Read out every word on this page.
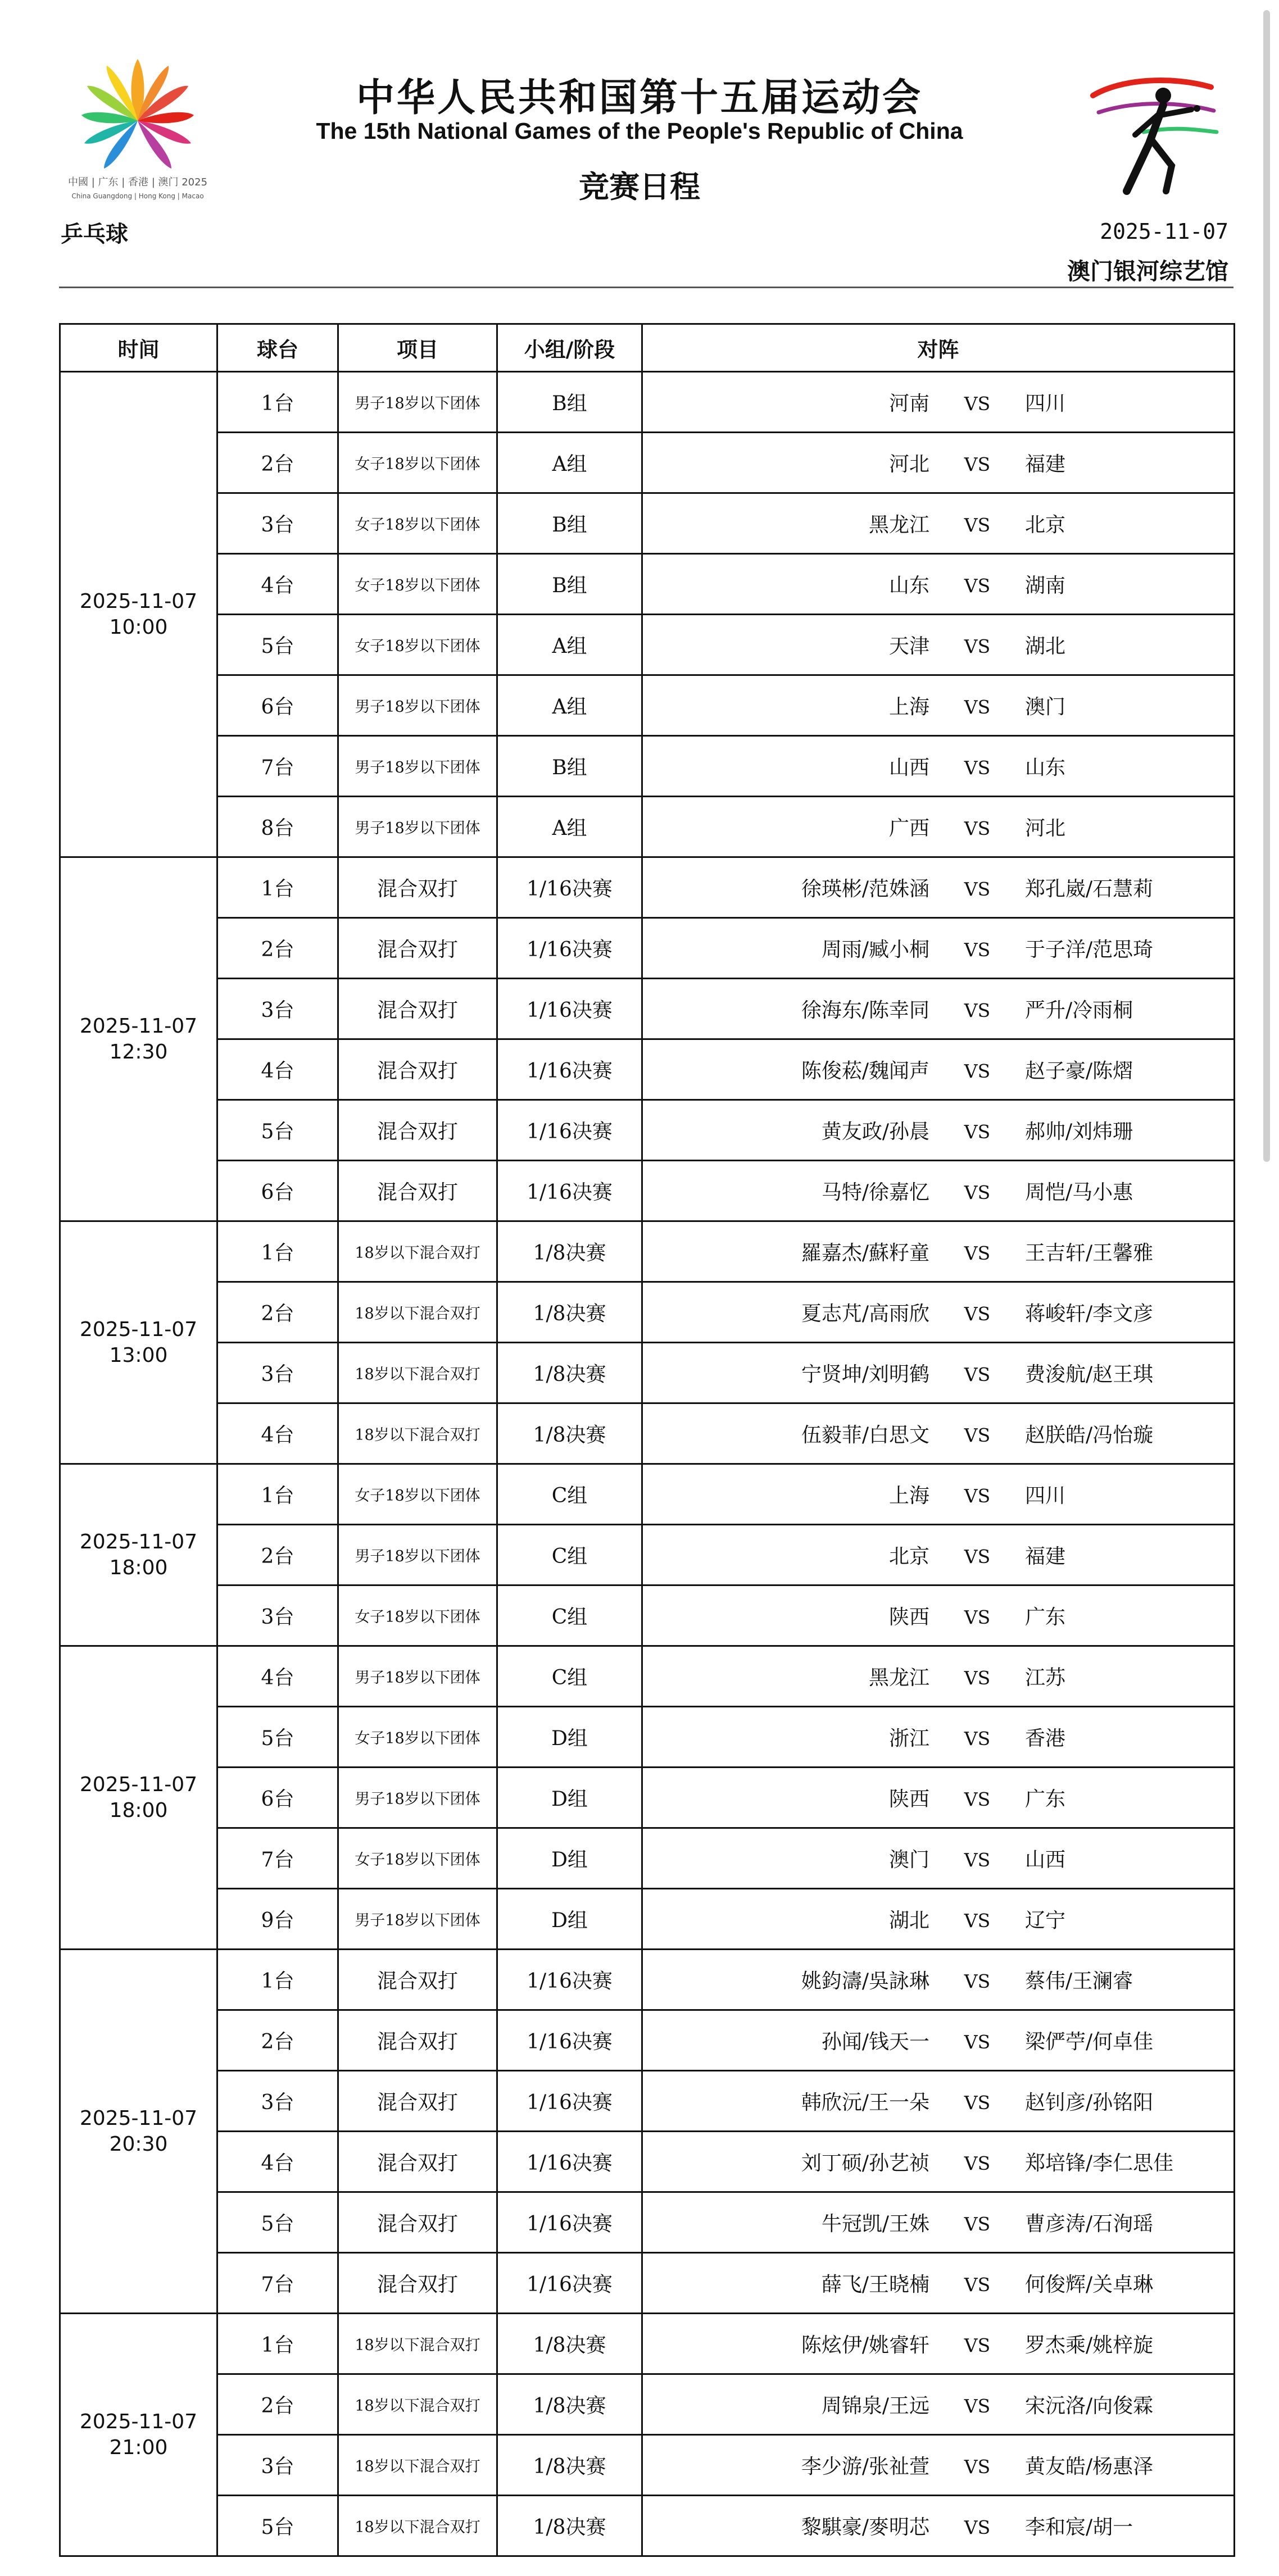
中國 | 广东 | 香港 | 澳门 2025
China Guangdong | Hong Kong | Macao
中华人民共和国第十五届运动会
The 15th National Games of the People's Republic of China
竞赛日程
乒乓球	2025-11-07
澳门银河综艺馆
时间	球台	项目	小组/阶段	对阵

2025-11-07
10:00	1台	男子18岁以下团体	B组	河南 VS 四川
	2台	女子18岁以下团体	A组	河北 VS 福建
	3台	女子18岁以下团体	B组	黑龙江 VS 北京
	4台	女子18岁以下团体	B组	山东 VS 湖南
	5台	女子18岁以下团体	A组	天津 VS 湖北
	6台	男子18岁以下团体	A组	上海 VS 澳门
	7台	男子18岁以下团体	B组	山西 VS 山东
	8台	男子18岁以下团体	A组	广西 VS 河北

2025-11-07
12:30	1台	混合双打	1/16决赛	徐瑛彬/范姝涵 VS 郑孔崴/石慧莉
	2台	混合双打	1/16决赛	周雨/臧小桐 VS 于子洋/范思琦
	3台	混合双打	1/16决赛	徐海东/陈幸同 VS 严升/冷雨桐
	4台	混合双打	1/16决赛	陈俊菘/魏闻声 VS 赵子豪/陈熠
	5台	混合双打	1/16决赛	黄友政/孙晨 VS 郝帅/刘炜珊
	6台	混合双打	1/16决赛	马特/徐嘉忆 VS 周恺/马小惠

2025-11-07
13:00	1台	18岁以下混合双打	1/8决赛	羅嘉杰/蘇籽童 VS 王吉轩/王馨雅
	2台	18岁以下混合双打	1/8决赛	夏志芃/高雨欣 VS 蒋峻轩/李文彦
	3台	18岁以下混合双打	1/8决赛	宁贤坤/刘明鹤 VS 费浚航/赵王琪
	4台	18岁以下混合双打	1/8决赛	伍毅菲/白思文 VS 赵朕皓/冯怡璇

2025-11-07
18:00	1台	女子18岁以下团体	C组	上海 VS 四川
	2台	男子18岁以下团体	C组	北京 VS 福建
	3台	女子18岁以下团体	C组	陕西 VS 广东

2025-11-07
18:00	4台	男子18岁以下团体	C组	黑龙江 VS 江苏
	5台	女子18岁以下团体	D组	浙江 VS 香港
	6台	男子18岁以下团体	D组	陕西 VS 广东
	7台	女子18岁以下团体	D组	澳门 VS 山西
	9台	男子18岁以下团体	D组	湖北 VS 辽宁

2025-11-07
20:30	1台	混合双打	1/16决赛	姚鈞濤/吳詠琳 VS 蔡伟/王澜睿
	2台	混合双打	1/16决赛	孙闻/钱天一 VS 梁俨苧/何卓佳
	3台	混合双打	1/16决赛	韩欣沅/王一朵 VS 赵钊彦/孙铭阳
	4台	混合双打	1/16决赛	刘丁硕/孙艺祯 VS 郑培锋/李仁思佳
	5台	混合双打	1/16决赛	牛冠凯/王姝 VS 曹彦涛/石洵瑶
	7台	混合双打	1/16决赛	薛飞/王晓楠 VS 何俊辉/关卓琳

2025-11-07
21:00	1台	18岁以下混合双打	1/8决赛	陈炫伊/姚睿轩 VS 罗杰乘/姚梓旋
	2台	18岁以下混合双打	1/8决赛	周锦泉/王远 VS 宋沅洛/向俊霖
	3台	18岁以下混合双打	1/8决赛	李少游/张祉萱 VS 黄友皓/杨惠泽
	5台	18岁以下混合双打	1/8决赛	黎騏豪/麥明芯 VS 李和宸/胡一
